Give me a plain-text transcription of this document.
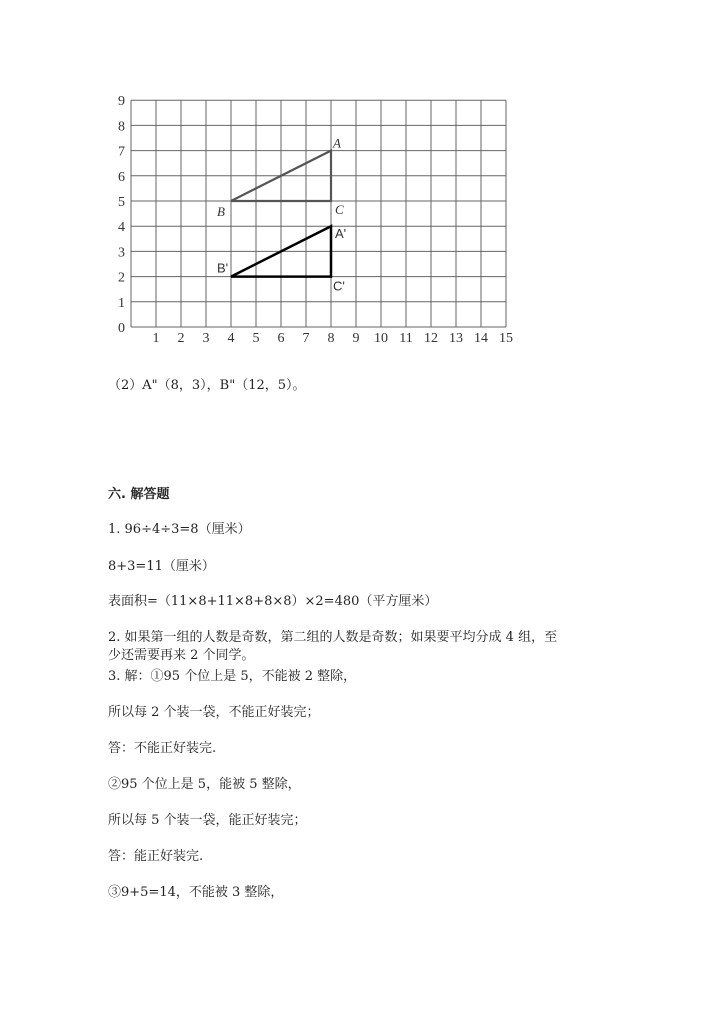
1 2 3 4 5 6 7 8 9 10 11 12 13 14 15
0
1
2
3
4
5
6
7
8
9
A
B	C
A'
B'
C'
（2）A"（8，3），B"（12，5）。
六. 解答题
1. 96÷4÷3=8（厘米）
8+3=11（厘米）
表面积=（11×8+11×8+8×8）×2=480（平方厘米）
2. 如果第一组的人数是奇数，第二组的人数是奇数；如果要平均分成 4 组，至
少还需要再来 2 个同学。
3. 解：①95 个位上是 5，不能被 2 整除，
所以每 2 个装一袋，不能正好装完；
答：不能正好装完.
②95 个位上是 5，能被 5 整除，
所以每 5 个装一袋，能正好装完；
答：能正好装完.
③9+5=14，不能被 3 整除，
